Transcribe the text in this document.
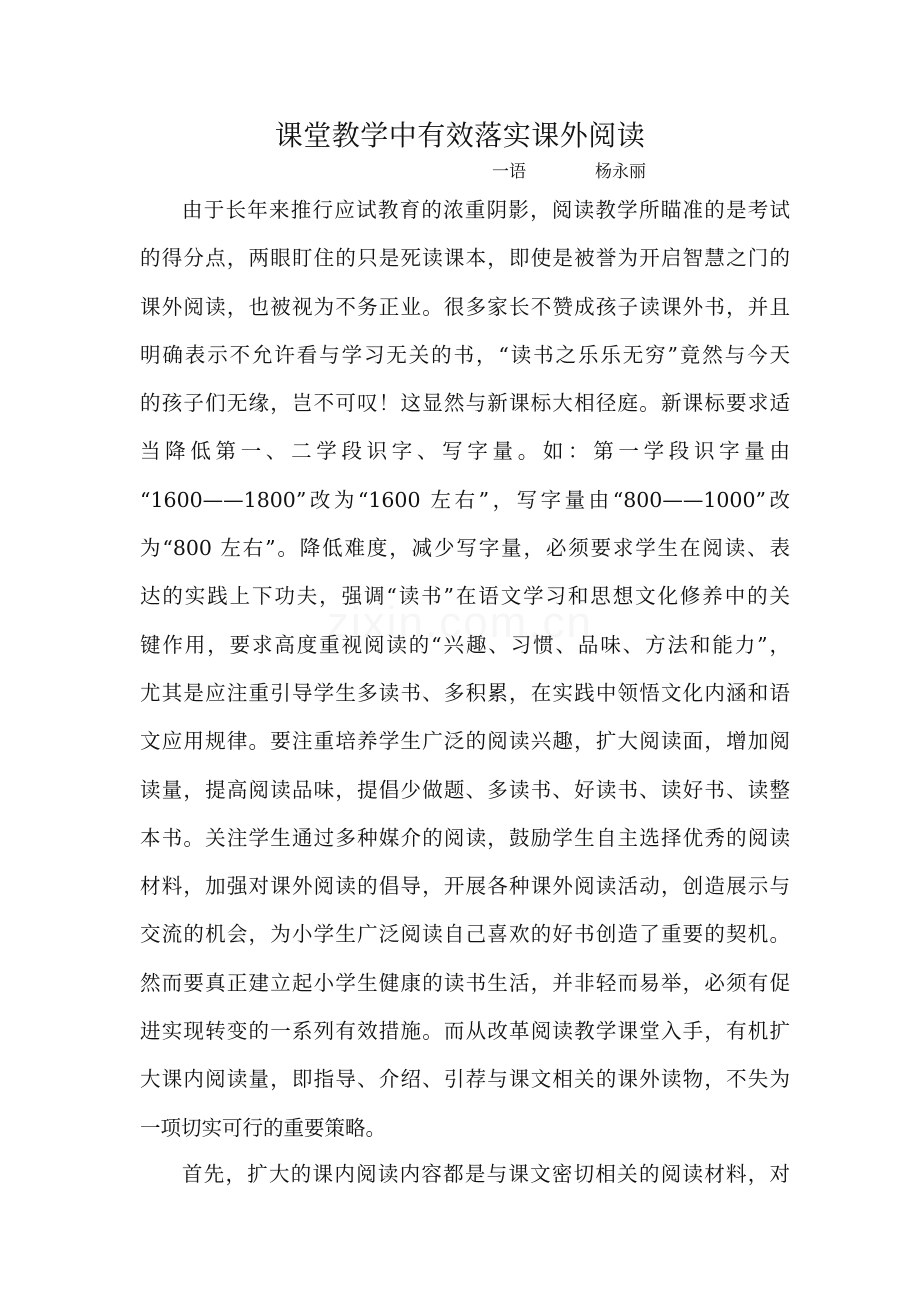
zixin.com.cn
课堂教学中有效落实课外阅读
一语	杨永丽
由于长年来推行应试教育的浓重阴影，阅读教学所瞄准的是考试
的得分点，两眼盯住的只是死读课本，即使是被誉为开启智慧之门的
课外阅读，也被视为不务正业。很多家长不赞成孩子读课外书，并且
明确表示不允许看与学习无关的书，“读书之乐乐无穷”竟然与今天
的孩子们无缘，岂不可叹！这显然与新课标大相径庭。新课标要求适
当降低第一、二学段识字、写字量。如：第一学段识字量由
“1600——1800”改为“1600 左右”，写字量由“800——1000”改
为“800 左右”。降低难度，减少写字量，必须要求学生在阅读、表
达的实践上下功夫，强调“读书”在语文学习和思想文化修养中的关
键作用，要求高度重视阅读的“兴趣、习惯、品味、方法和能力”，
尤其是应注重引导学生多读书、多积累，在实践中领悟文化内涵和语
文应用规律。要注重培养学生广泛的阅读兴趣，扩大阅读面，增加阅
读量，提高阅读品味，提倡少做题、多读书、好读书、读好书、读整
本书。关注学生通过多种媒介的阅读，鼓励学生自主选择优秀的阅读
材料，加强对课外阅读的倡导，开展各种课外阅读活动，创造展示与
交流的机会，为小学生广泛阅读自己喜欢的好书创造了重要的契机。
然而要真正建立起小学生健康的读书生活，并非轻而易举，必须有促
进实现转变的一系列有效措施。而从改革阅读教学课堂入手，有机扩
大课内阅读量，即指导、介绍、引荐与课文相关的课外读物，不失为
一项切实可行的重要策略。
首先，扩大的课内阅读内容都是与课文密切相关的阅读材料，对
